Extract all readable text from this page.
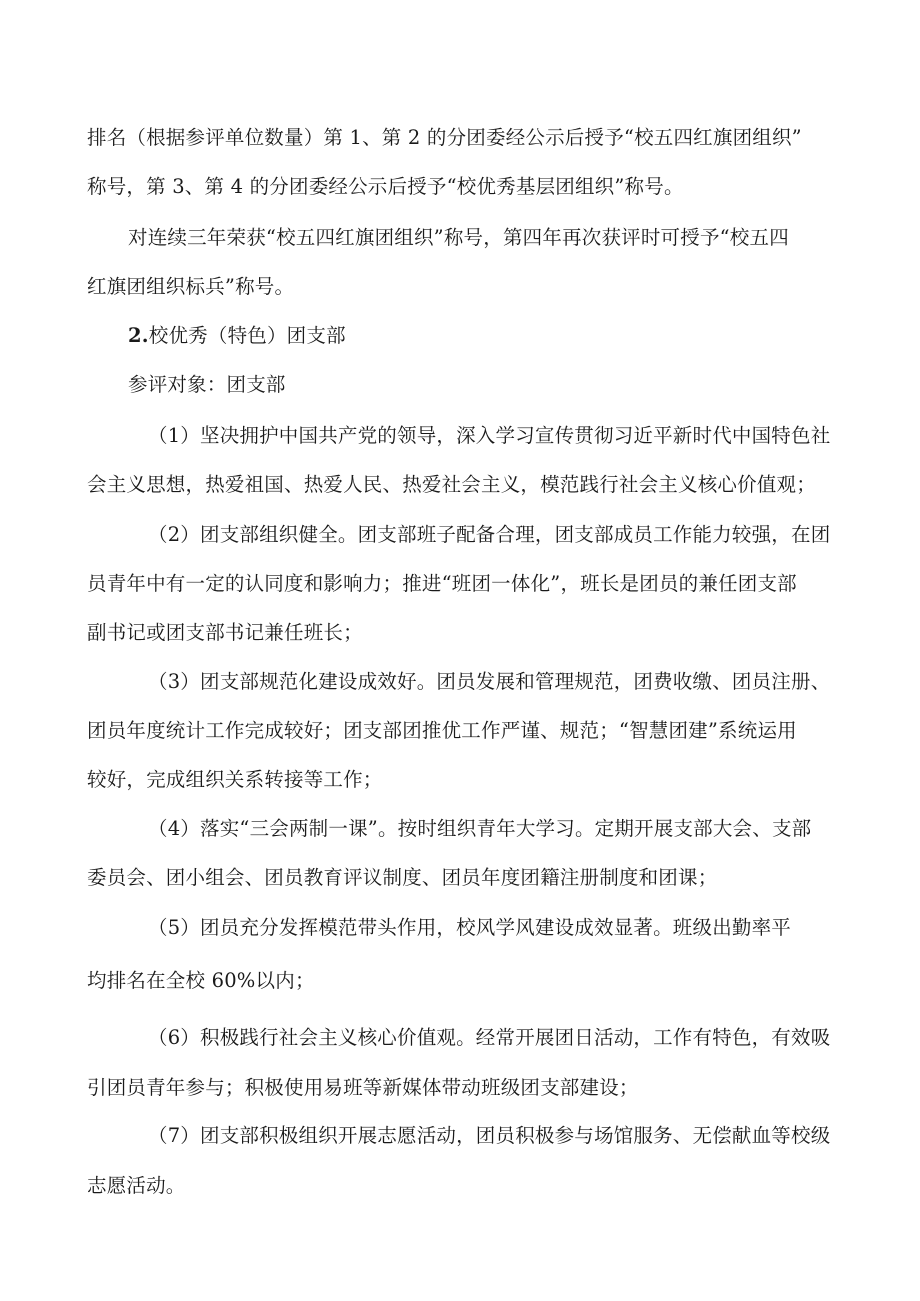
排名（根据参评单位数量）第 1、第 2 的分团委经公示后授予“校五四红旗团组织”

称号，第 3、第 4 的分团委经公示后授予“校优秀基层团组织”称号。

对连续三年荣获“校五四红旗团组织”称号，第四年再次获评时可授予“校五四

红旗团组织标兵”称号。

2.校优秀（特色）团支部

参评对象：团支部

（1）坚决拥护中国共产党的领导，深入学习宣传贯彻习近平新时代中国特色社

会主义思想，热爱祖国、热爱人民、热爱社会主义，模范践行社会主义核心价值观；

（2）团支部组织健全。团支部班子配备合理，团支部成员工作能力较强，在团

员青年中有一定的认同度和影响力；推进“班团一体化”，班长是团员的兼任团支部

副书记或团支部书记兼任班长；

（3）团支部规范化建设成效好。团员发展和管理规范，团费收缴、团员注册、

团员年度统计工作完成较好；团支部团推优工作严谨、规范；“智慧团建”系统运用

较好，完成组织关系转接等工作；

（4）落实“三会两制一课”。按时组织青年大学习。定期开展支部大会、支部

委员会、团小组会、团员教育评议制度、团员年度团籍注册制度和团课；

（5）团员充分发挥模范带头作用，校风学风建设成效显著。班级出勤率平

均排名在全校 60%以内；

（6）积极践行社会主义核心价值观。经常开展团日活动，工作有特色，有效吸

引团员青年参与；积极使用易班等新媒体带动班级团支部建设；

（7）团支部积极组织开展志愿活动，团员积极参与场馆服务、无偿献血等校级

志愿活动。
